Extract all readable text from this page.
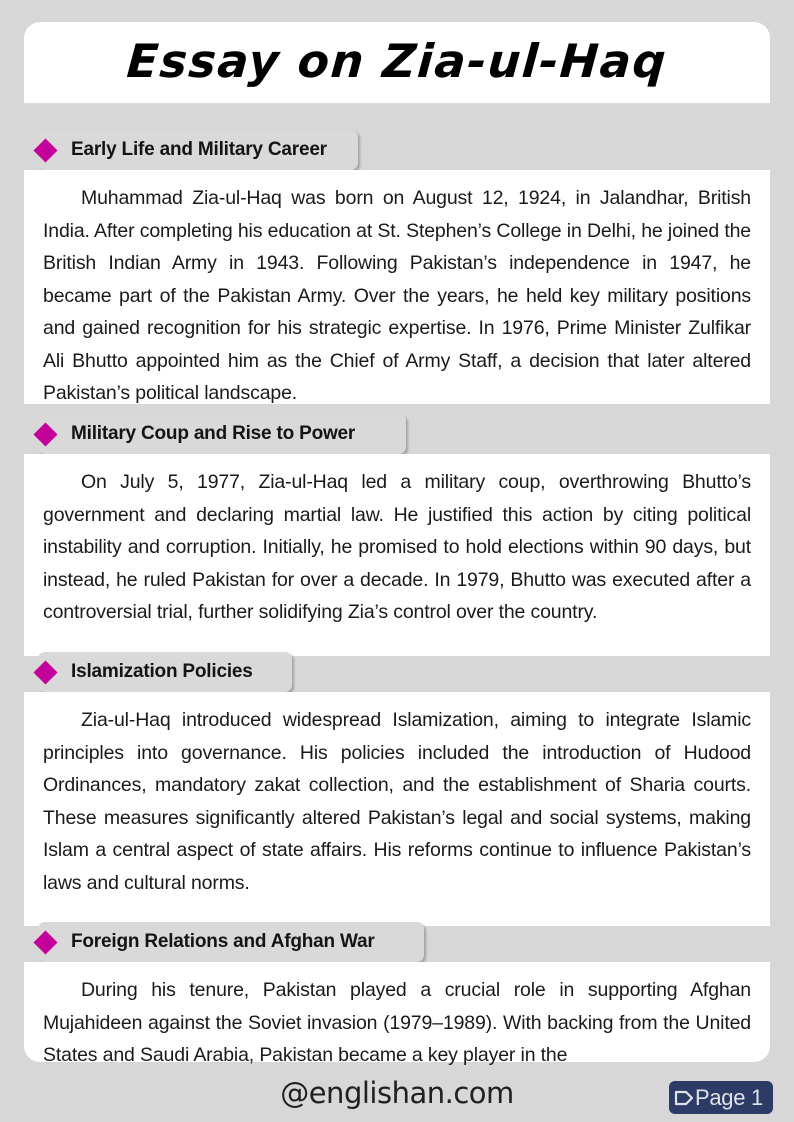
Essay on Zia-ul-Haq
Early Life and Military Career

Muhammad Zia-ul-Haq was born on August 12, 1924, in Jalandhar, British India. After completing his education at St. Stephen’s College in Delhi, he joined the British Indian Army in 1943. Following Pakistan’s independence in 1947, he became part of the Pakistan Army. Over the years, he held key military positions and gained recognition for his strategic expertise. In 1976, Prime Minister Zulfikar Ali Bhutto appointed him as the Chief of Army Staff, a decision that later altered Pakistan’s political landscape.

Military Coup and Rise to Power

On July 5, 1977, Zia-ul-Haq led a military coup, overthrowing Bhutto’s government and declaring martial law. He justified this action by citing political instability and corruption. Initially, he promised to hold elections within 90 days, but instead, he ruled Pakistan for over a decade. In 1979, Bhutto was executed after a controversial trial, further solidifying Zia’s control over the country.

Islamization Policies

Zia-ul-Haq introduced widespread Islamization, aiming to integrate Islamic principles into governance. His policies included the introduction of Hudood Ordinances, mandatory zakat collection, and the establishment of Sharia courts. These measures significantly altered Pakistan’s legal and social systems, making Islam a central aspect of state affairs. His reforms continue to influence Pakistan’s laws and cultural norms.

Foreign Relations and Afghan War

During his tenure, Pakistan played a crucial role in supporting Afghan Mujahideen against the Soviet invasion (1979–1989). With backing from the United States and Saudi Arabia, Pakistan became a key player in the

@englishan.com	Page 1
